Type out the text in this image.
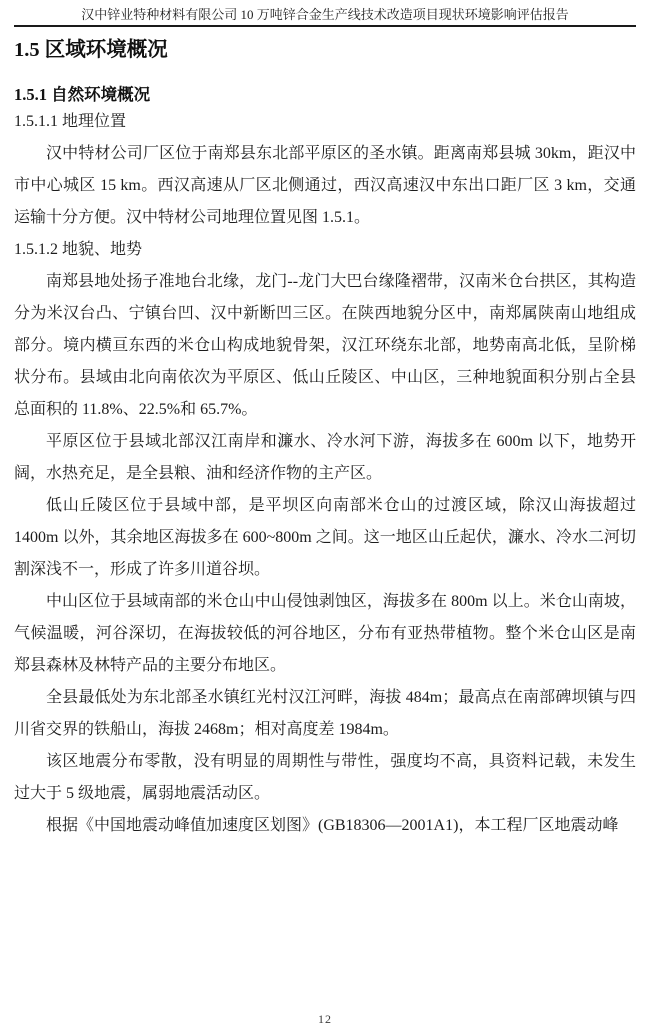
汉中锌业特种材料有限公司 10 万吨锌合金生产线技术改造项目现状环境影响评估报告
1.5 区域环境概况
1.5.1 自然环境概况
1.5.1.1 地理位置

汉中特材公司厂区位于南郑县东北部平原区的圣水镇。距离南郑县城 30km，距汉中市中心城区 15 km。西汉高速从厂区北侧通过，西汉高速汉中东出口距厂区 3 km，交通运输十分方便。汉中特材公司地理位置见图 1.5.1。

1.5.1.2 地貌、地势

南郑县地处扬子准地台北缘，龙门--龙门大巴台缘隆褶带，汉南米仓台拱区，其构造分为米汉台凸、宁镇台凹、汉中新断凹三区。在陕西地貌分区中，南郑属陕南山地组成部分。境内横亘东西的米仓山构成地貌骨架，汉江环绕东北部，地势南高北低，呈阶梯状分布。县域由北向南依次为平原区、低山丘陵区、中山区，三种地貌面积分别占全县总面积的 11.8%、22.5%和 65.7%。

平原区位于县域北部汉江南岸和濂水、冷水河下游，海拔多在 600m 以下，地势开阔，水热充足，是全县粮、油和经济作物的主产区。

低山丘陵区位于县域中部，是平坝区向南部米仓山的过渡区域，除汉山海拔超过 1400m 以外，其余地区海拔多在 600~800m 之间。这一地区山丘起伏，濂水、冷水二河切割深浅不一，形成了许多川道谷坝。

中山区位于县域南部的米仓山中山侵蚀剥蚀区，海拔多在 800m 以上。米仓山南坡，气候温暖，河谷深切，在海拔较低的河谷地区，分布有亚热带植物。整个米仓山区是南郑县森林及林特产品的主要分布地区。

全县最低处为东北部圣水镇红光村汉江河畔，海拔 484m；最高点在南部碑坝镇与四川省交界的铁船山，海拔 2468m；相对高度差 1984m。

该区地震分布零散，没有明显的周期性与带性，强度均不高，具资料记载，未发生过大于 5 级地震，属弱地震活动区。

根据《中国地震动峰值加速度区划图》(GB18306—2001A1)，本工程厂区地震动峰

12
